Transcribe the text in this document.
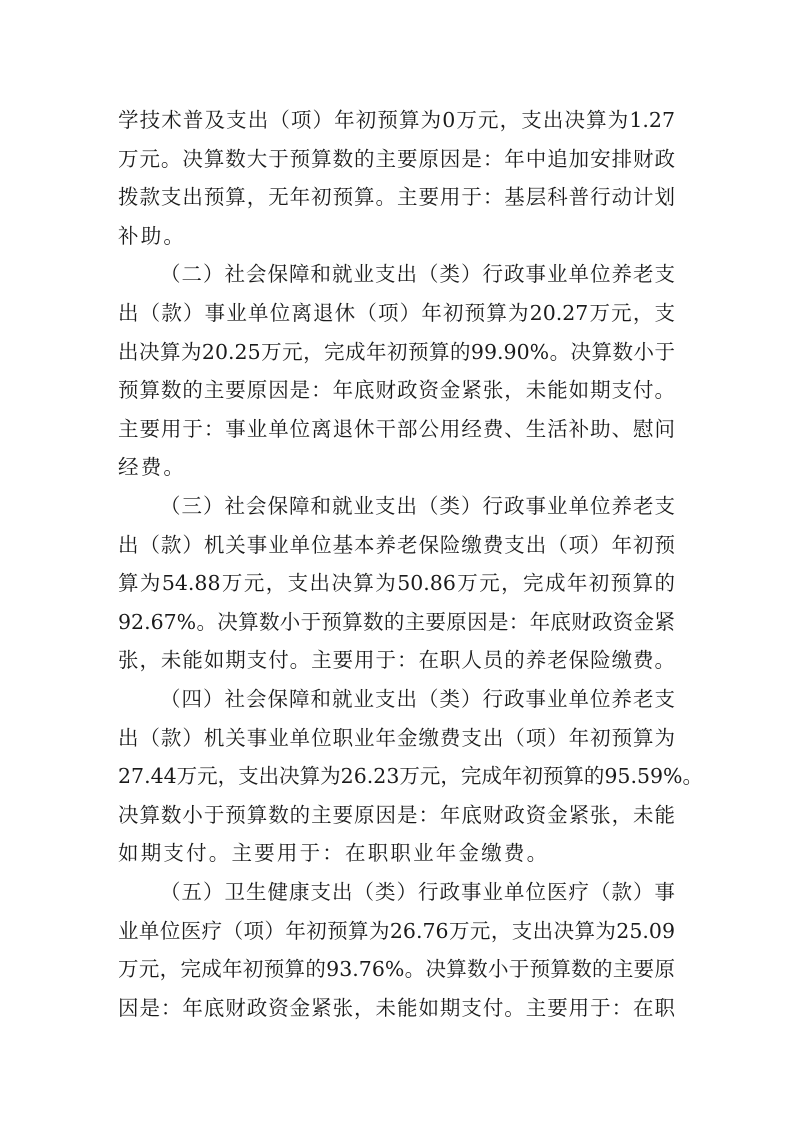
学技术普及支出（项）年初预算为0万元，支出决算为1.27
万元。决算数大于预算数的主要原因是：年中追加安排财政
拨款支出预算，无年初预算。主要用于：基层科普行动计划
补助。
（二）社会保障和就业支出（类）行政事业单位养老支
出（款）事业单位离退休（项）年初预算为20.27万元，支
出决算为20.25万元，完成年初预算的99.90%。决算数小于
预算数的主要原因是：年底财政资金紧张，未能如期支付。
主要用于：事业单位离退休干部公用经费、生活补助、慰问
经费。
（三）社会保障和就业支出（类）行政事业单位养老支
出（款）机关事业单位基本养老保险缴费支出（项）年初预
算为54.88万元，支出决算为50.86万元，完成年初预算的
92.67%。决算数小于预算数的主要原因是：年底财政资金紧
张，未能如期支付。主要用于：在职人员的养老保险缴费。
（四）社会保障和就业支出（类）行政事业单位养老支
出（款）机关事业单位职业年金缴费支出（项）年初预算为
27.44万元，支出决算为26.23万元，完成年初预算的95.59%。
决算数小于预算数的主要原因是：年底财政资金紧张，未能
如期支付。主要用于：在职职业年金缴费。
（五）卫生健康支出（类）行政事业单位医疗（款）事
业单位医疗（项）年初预算为26.76万元，支出决算为25.09
万元，完成年初预算的93.76%。决算数小于预算数的主要原
因是：年底财政资金紧张，未能如期支付。主要用于：在职
